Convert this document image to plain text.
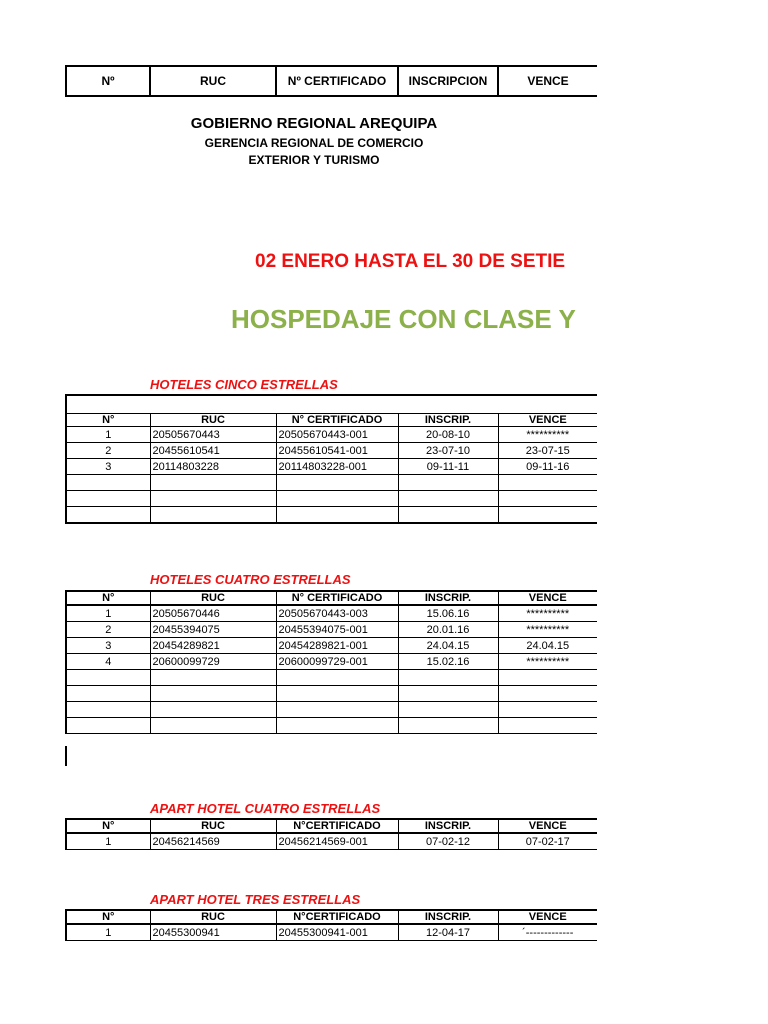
Nº	RUC	Nº CERTIFICADO	INSCRIPCION	VENCE
GOBIERNO REGIONAL AREQUIPA
GERENCIA REGIONAL DE COMERCIO
EXTERIOR Y TURISMO
02 ENERO HASTA EL 30 DE SETIE
HOSPEDAJE CON CLASE Y
HOTELES CINCO ESTRELLAS

N°	RUC	N° CERTIFICADO	INSCRIP.	VENCE
1	20505670443	20505670443-001	20-08-10	**********
2	20455610541	20455610541-001	23-07-10	23-07-15
3	20114803228	20114803228-001	09-11-11	09-11-16

HOTELES CUATRO ESTRELLAS
N°	RUC	N° CERTIFICADO	INSCRIP.	VENCE
1	20505670446	20505670443-003	15.06.16	**********
2	20455394075	20455394075-001	20.01.16	**********
3	20454289821	20454289821-001	24.04.15	24.04.15
4	20600099729	20600099729-001	15.02.16	**********

APART HOTEL CUATRO ESTRELLAS
N°	RUC	N°CERTIFICADO	INSCRIP.	VENCE
1	20456214569	20456214569-001	07-02-12	07-02-17
APART HOTEL TRES ESTRELLAS
N°	RUC	N°CERTIFICADO	INSCRIP.	VENCE
1	20455300941	20455300941-001	12-04-17	´-------------
